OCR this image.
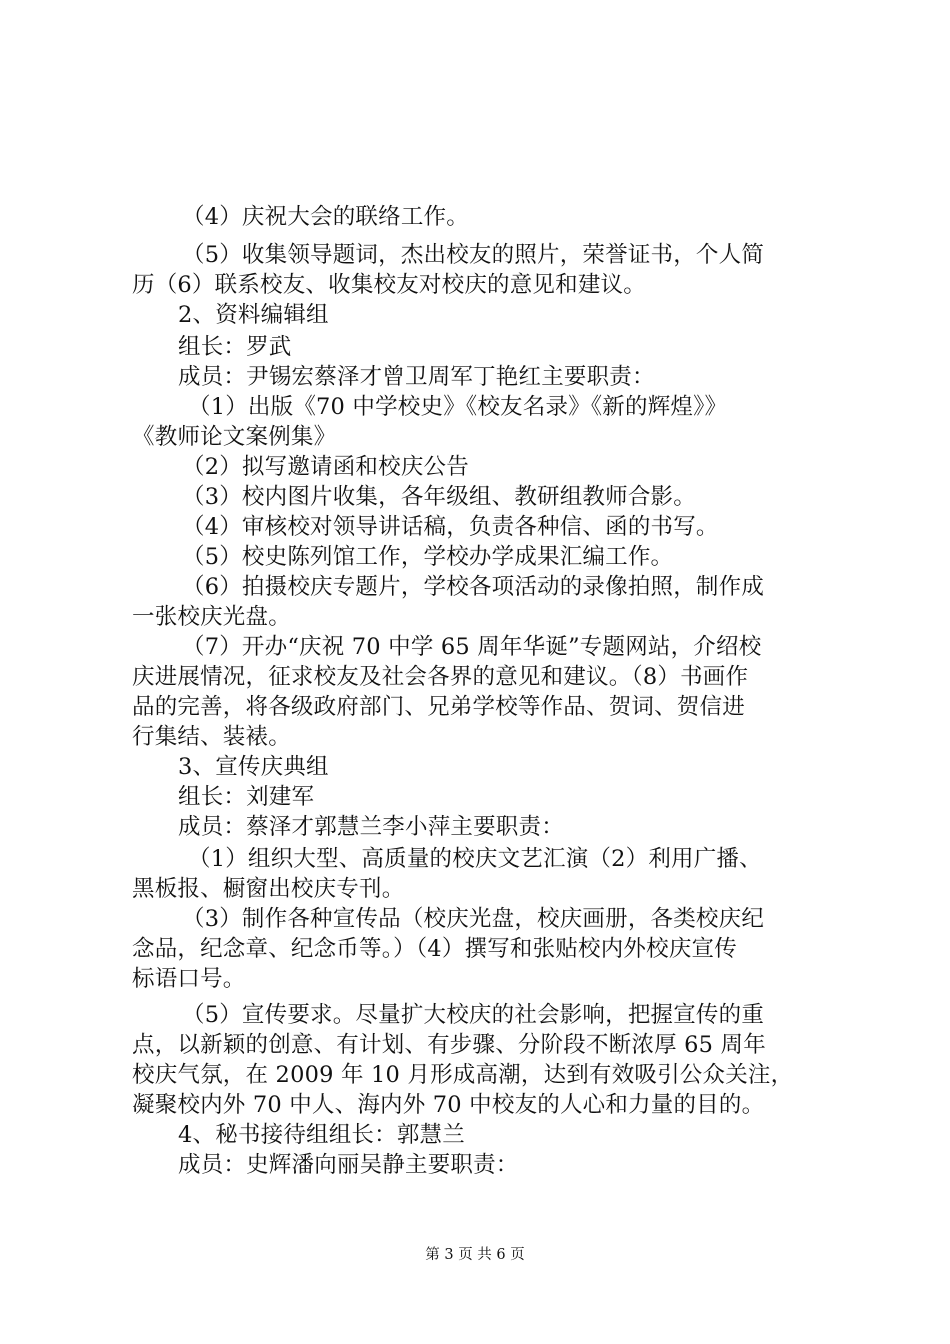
（4）庆祝大会的联络工作。
（5）收集领导题词，杰出校友的照片，荣誉证书，个人简
历（6）联系校友、收集校友对校庆的意见和建议。
2、资料编辑组
组长：罗武
成员：尹锡宏蔡泽才曾卫周军丁艳红主要职责：
（1）出版《70 中学校史》《校友名录》《新的辉煌》》
《教师论文案例集》
（2）拟写邀请函和校庆公告
（3）校内图片收集，各年级组、教研组教师合影。
（4）审核校对领导讲话稿，负责各种信、函的书写。
（5）校史陈列馆工作，学校办学成果汇编工作。
（6）拍摄校庆专题片，学校各项活动的录像拍照，制作成
一张校庆光盘。
（7）开办“庆祝 70 中学 65 周年华诞”专题网站，介绍校
庆进展情况，征求校友及社会各界的意见和建议。（8）书画作
品的完善，将各级政府部门、兄弟学校等作品、贺词、贺信进
行集结、装裱。
3、宣传庆典组
组长：刘建军
成员：蔡泽才郭慧兰李小萍主要职责：
（1）组织大型、高质量的校庆文艺汇演（2）利用广播、
黑板报、橱窗出校庆专刊。
（3）制作各种宣传品（校庆光盘，校庆画册，各类校庆纪
念品，纪念章、纪念币等。）（4）撰写和张贴校内外校庆宣传
标语口号。
（5）宣传要求。尽量扩大校庆的社会影响，把握宣传的重
点，以新颖的创意、有计划、有步骤、分阶段不断浓厚 65 周年
校庆气氛，在 2009 年 10 月形成高潮，达到有效吸引公众关注，
凝聚校内外 70 中人、海内外 70 中校友的人心和力量的目的。
4、秘书接待组组长：郭慧兰
成员：史辉潘向丽吴静主要职责：
第 3 页 共 6 页
